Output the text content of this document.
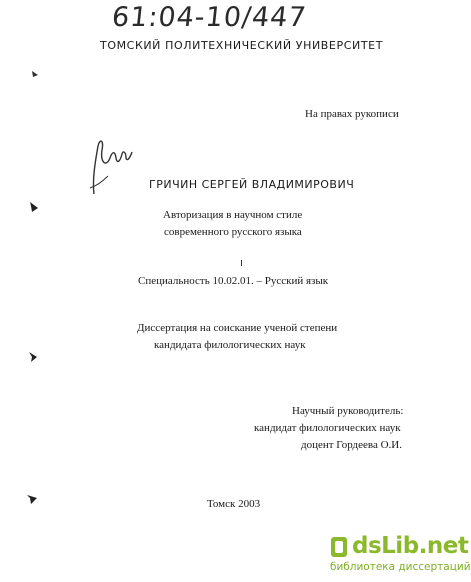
61:04-10/447
ТОМСКИЙ ПОЛИТЕХНИЧЕСКИЙ УНИВЕРСИТЕТ
На правах рукописи
ГРИЧИН СЕРГЕЙ ВЛАДИМИРОВИЧ
Авторизация в научном стиле
современного русского языка
Специальность 10.02.01. – Русский язык
Диссертация на соискание ученой степени
кандидата филологических наук
Научный руководитель:
кандидат филологических наук
доцент Гордеева О.И.
Томск 2003
dsLib.net
библиотека диссертаций
